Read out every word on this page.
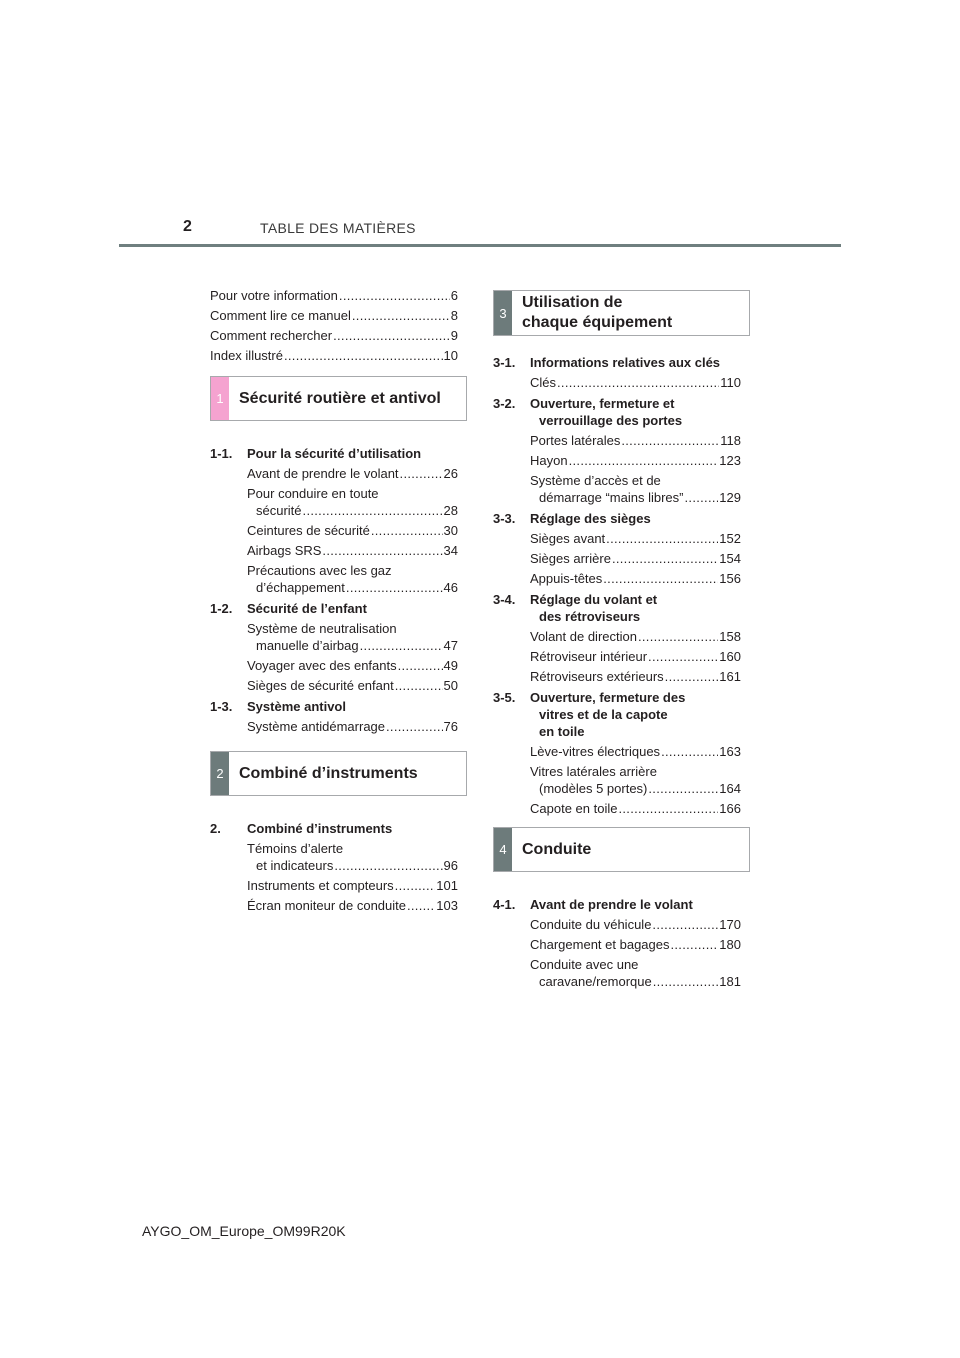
2	TABLE DES MATIÈRES
Pour votre information .....	6
Comment lire ce manuel .....	8
Comment rechercher .....	9
Index illustré .....	10
1 Sécurité routière et antivol
1-1.	Pour la sécurité d’utilisation
Avant de prendre le volant .....	26
Pour conduire en toute
sécurité .....	28
Ceintures de sécurité .....	30
Airbags SRS .....	34
Précautions avec les gaz
d’échappement .....	46
1-2.	Sécurité de l’enfant
Système de neutralisation
manuelle d’airbag .....	47
Voyager avec des enfants .....	49
Sièges de sécurité enfant .....	50
1-3.	Système antivol
Système antidémarrage .....	76
2 Combiné d’instruments
2.	Combiné d’instruments
Témoins d’alerte
et indicateurs .....	96
Instruments et compteurs .....	101
Écran moniteur de conduite ..... 103
3
Utilisation de
chaque équipement
3-1.	Informations relatives aux clés
Clés .....	110
3-2.	Ouverture, fermeture et
verrouillage des portes
Portes latérales .....	118
Hayon .....	123
Système d’accès et de
démarrage “mains libres” .....	129
3-3.	Réglage des sièges
Sièges avant .....	152
Sièges arrière .....	154
Appuis-têtes .....	156
3-4.	Réglage du volant et
des rétroviseurs
Volant de direction .....	158
Rétroviseur intérieur .....	160
Rétroviseurs extérieurs .....	161
3-5.	Ouverture, fermeture des
vitres et de la capote
en toile
Lève-vitres électriques .....	163
Vitres latérales arrière
(modèles 5 portes) .....	164
Capote en toile .....	166
4 Conduite
4-1.	Avant de prendre le volant
Conduite du véhicule .....	170
Chargement et bagages .....	180
Conduite avec une
caravane/remorque .....	181
AYGO_OM_Europe_OM99R20K
